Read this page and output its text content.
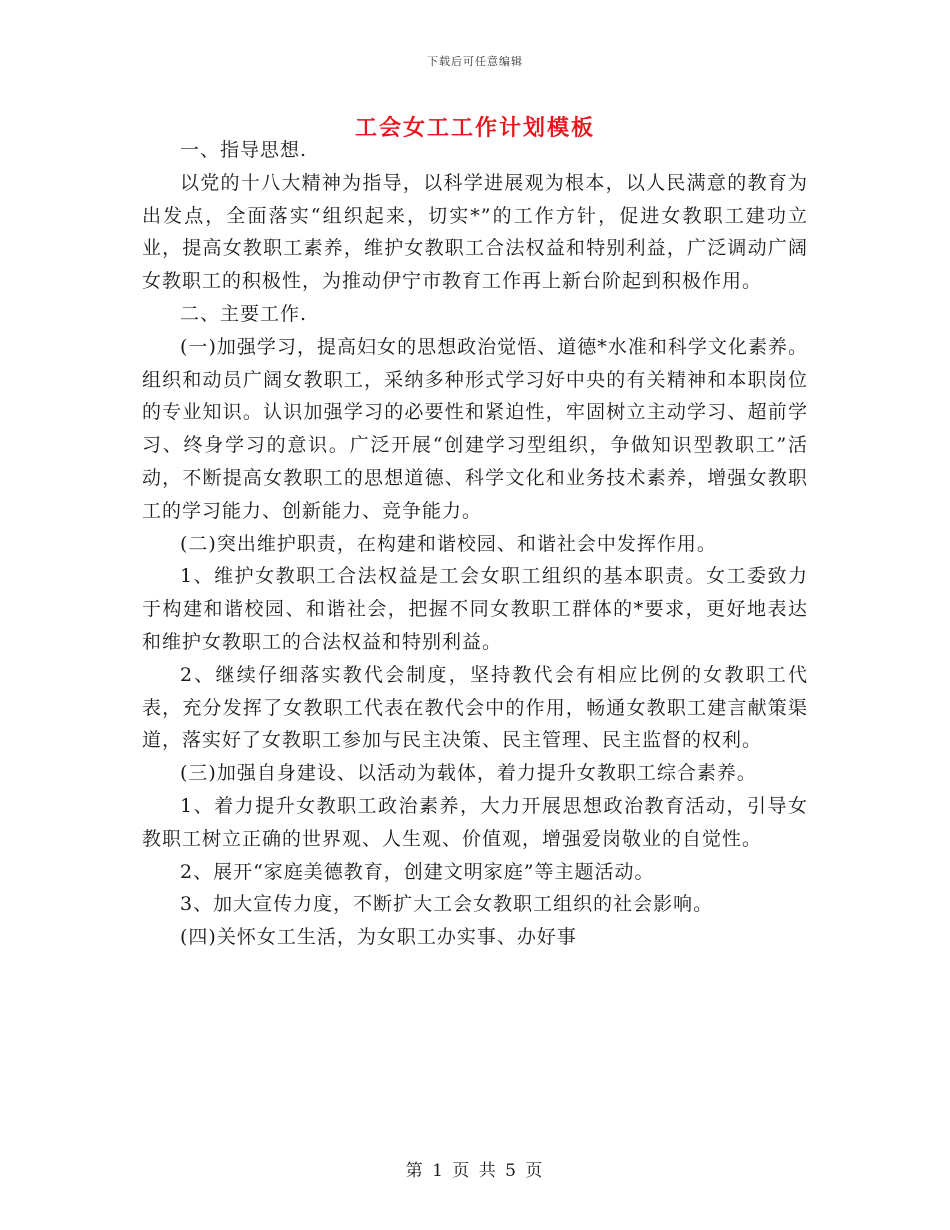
下载后可任意编辑
工会女工工作计划模板

一、指导思想.

以党的十八大精神为指导，以科学进展观为根本，以人民满意的教育为出发点，全面落实“组织起来，切实*”的工作方针，促进女教职工建功立业，提高女教职工素养，维护女教职工合法权益和特别利益，广泛调动广阔女教职工的积极性，为推动伊宁市教育工作再上新台阶起到积极作用。

二、主要工作.

(一)加强学习，提高妇女的思想政治觉悟、道德*水准和科学文化素养。组织和动员广阔女教职工，采纳多种形式学习好中央的有关精神和本职岗位的专业知识。认识加强学习的必要性和紧迫性，牢固树立主动学习、超前学习、终身学习的意识。广泛开展“创建学习型组织，争做知识型教职工”活动，不断提高女教职工的思想道德、科学文化和业务技术素养，增强女教职工的学习能力、创新能力、竞争能力。

(二)突出维护职责，在构建和谐校园、和谐社会中发挥作用。

1、维护女教职工合法权益是工会女职工组织的基本职责。女工委致力于构建和谐校园、和谐社会，把握不同女教职工群体的*要求，更好地表达和维护女教职工的合法权益和特别利益。

2、继续仔细落实教代会制度，坚持教代会有相应比例的女教职工代表，充分发挥了女教职工代表在教代会中的作用，畅通女教职工建言献策渠道，落实好了女教职工参加与民主决策、民主管理、民主监督的权利。

(三)加强自身建设、以活动为载体，着力提升女教职工综合素养。

1、着力提升女教职工政治素养，大力开展思想政治教育活动，引导女教职工树立正确的世界观、人生观、价值观，增强爱岗敬业的自觉性。

2、展开“家庭美德教育，创建文明家庭”等主题活动。

3、加大宣传力度，不断扩大工会女教职工组织的社会影响。

(四)关怀女工生活，为女职工办实事、办好事

第 1 页 共 5 页
